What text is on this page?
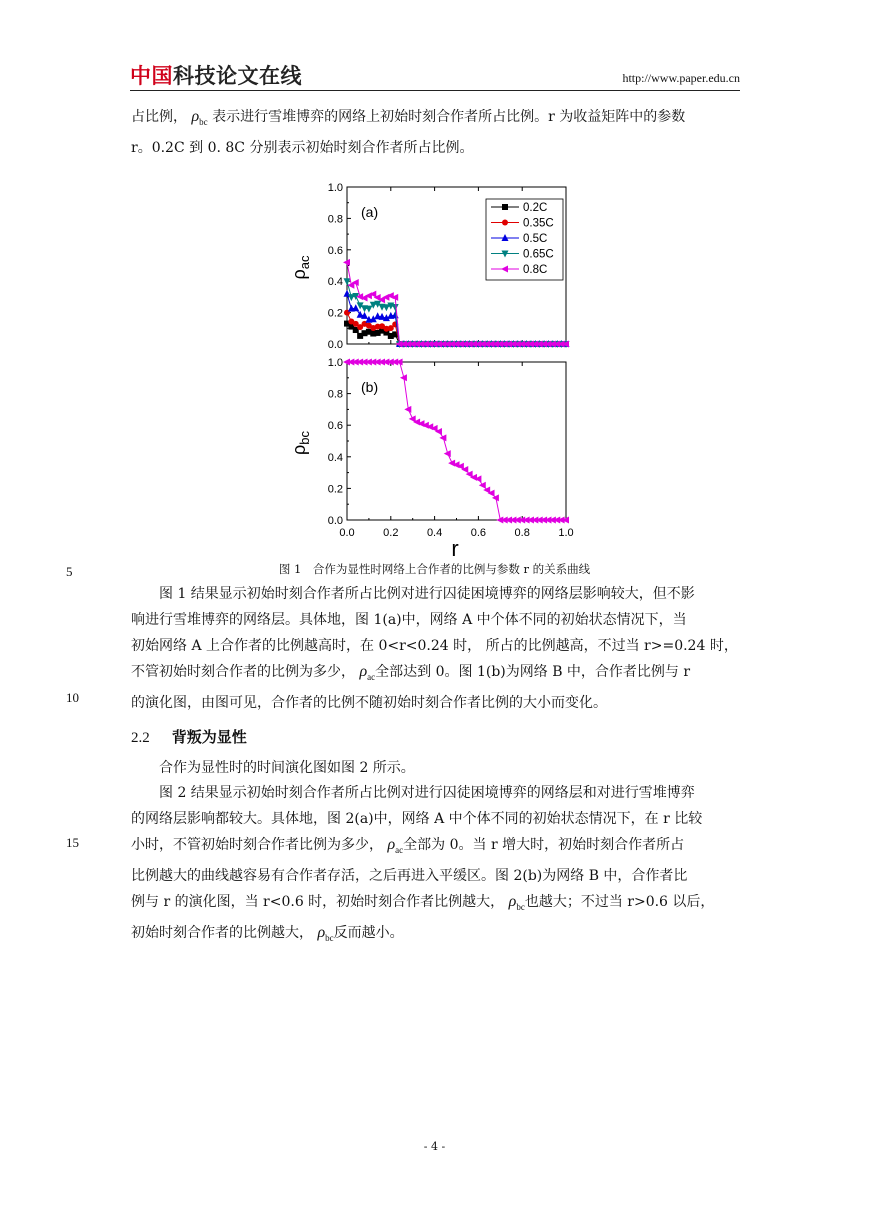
中国科技论文在线	http://www.paper.edu.cn
占比例， $\rho_{bc}$ 表示进行雪堆博弈的网络上初始时刻合作者所占比例。r 为收益矩阵中的参数
r。0.2C 到 0. 8C 分别表示初始时刻合作者所占比例。
0.0
0.2
0.4
0.6
0.8
1.0
(a)
$\rho_{ac}$
0.2C
0.35C
0.5C
0.65C
0.8C
0.0
0.2
0.4
0.6
0.8
1.0
0.0	0.2	0.4	0.6	0.8	1.0
(b)
$\rho_{bc}$
r
5	图 1　合作为显性时网络上合作者的比例与参数 r 的关系曲线
图 1 结果显示初始时刻合作者所占比例对进行囚徒困境博弈的网络层影响较大，但不影
响进行雪堆博弈的网络层。具体地，图 1(a)中，网络 A 中个体不同的初始状态情况下，当
初始网络 A 上合作者的比例越高时，在 0<r<0.24 时， 所占的比例越高，不过当 r>=0.24 时，
不管初始时刻合作者的比例为多少， $\rho_{ac}$全部达到 0。图 1(b)为网络 B 中，合作者比例与 r
的演化图，由图可见，合作者的比例不随初始时刻合作者比例的大小而变化。
10
2.2 背叛为显性
合作为显性时的时间演化图如图 2 所示。
图 2 结果显示初始时刻合作者所占比例对进行囚徒困境博弈的网络层和对进行雪堆博弈
的网络层影响都较大。具体地，图 2(a)中，网络 A 中个体不同的初始状态情况下，在 r 比较
小时，不管初始时刻合作者比例为多少， $\rho_{ac}$全部为 0。当 r 增大时，初始时刻合作者所占
比例越大的曲线越容易有合作者存活，之后再进入平缓区。图 2(b)为网络 B 中，合作者比
例与 r 的演化图，当 r<0.6 时，初始时刻合作者比例越大， $\rho_{bc}$也越大；不过当 r>0.6 以后，
初始时刻合作者的比例越大， $\rho_{bc}$反而越小。
15
- 4 -
